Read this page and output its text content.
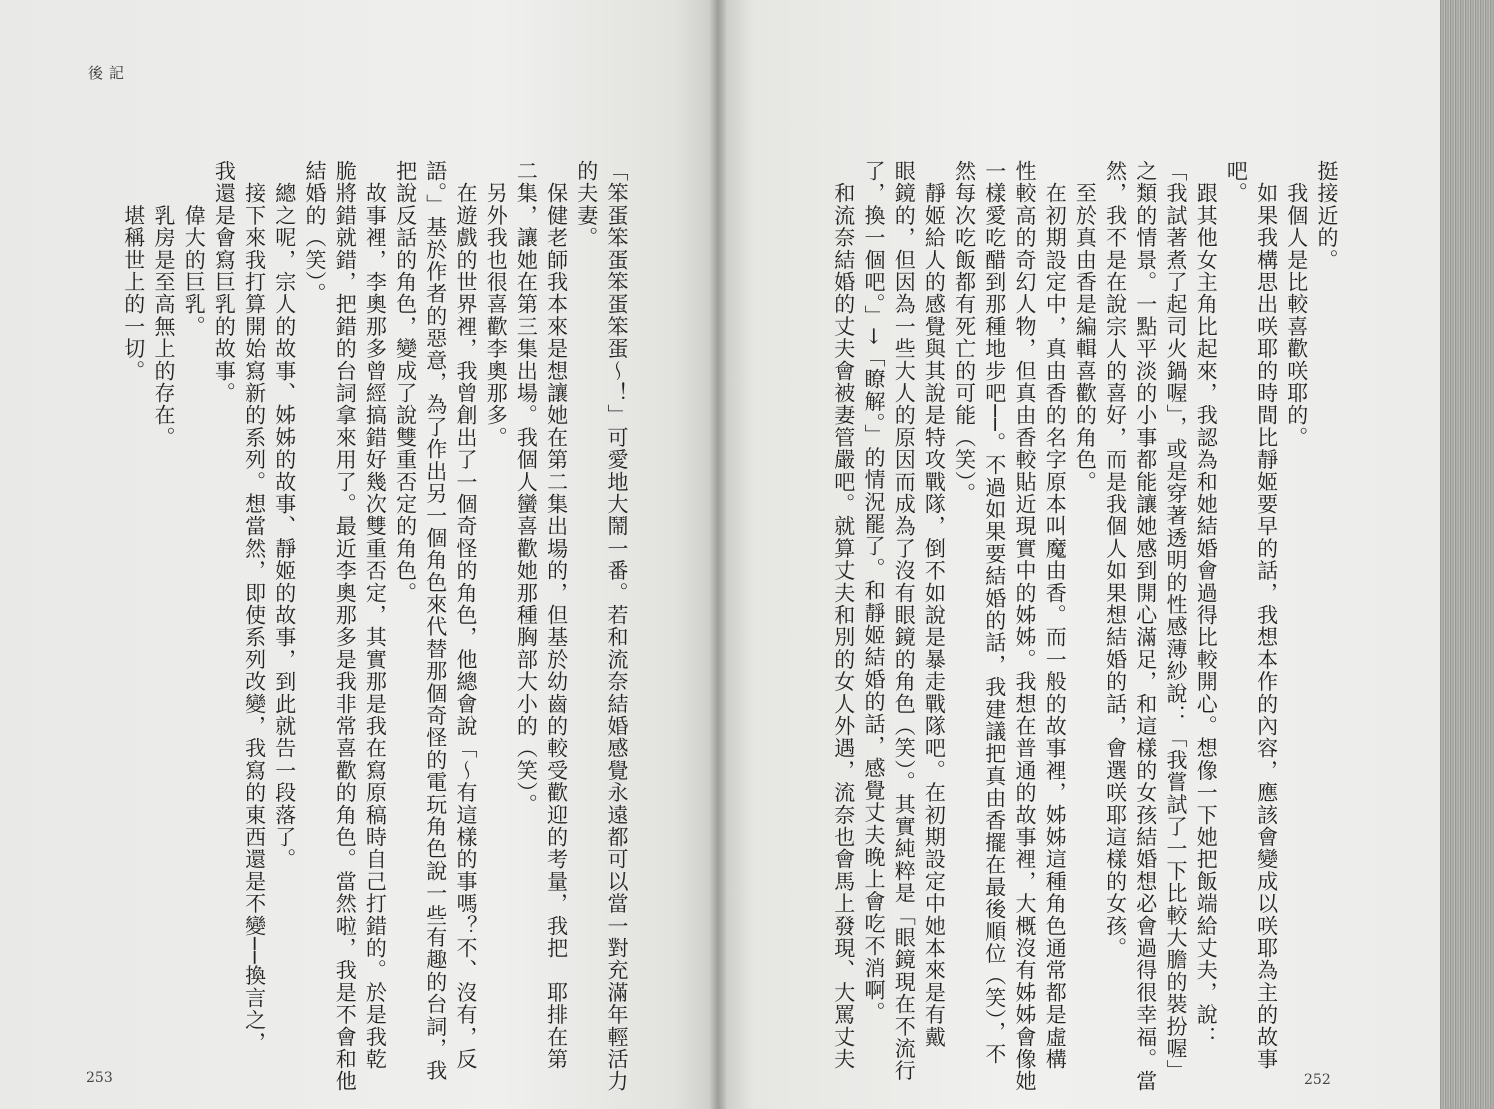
後記
「笨蛋笨蛋笨蛋笨蛋～！」可愛地大鬧一番。若和流奈結婚感覺永遠都可以當一對充滿年輕活力
的夫妻。
　保健老師我本來是想讓她在第二集出場的，但基於幼齒的較受歡迎的考量，我把　耶排在第
二集，讓她在第三集出場。我個人蠻喜歡她那種胸部大小的（笑）。
　另外我也很喜歡李奧那多。
　在遊戲的世界裡，我曾創出了一個奇怪的角色，他總會說「～有這樣的事嗎？不、沒有，反
語。」基於作者的惡意，為了作出另一個角色來代替那個奇怪的電玩角色說一些有趣的台詞，我
把說反話的角色，變成了說雙重否定的角色。
　故事裡，李奧那多曾經搞錯好幾次雙重否定，其實那是我在寫原稿時自己打錯的。於是我乾
脆將錯就錯，把錯的台詞拿來用了。最近李奧那多是我非常喜歡的角色。當然啦，我是不會和他
結婚的（笑）。
　總之呢，宗人的故事、姊姊的故事、靜姬的故事，到此就告一段落了。
　接下來我打算開始寫新的系列。想當然，即使系列改變，我寫的東西還是不變──換言之，
我還是會寫巨乳的故事。
　　偉大的巨乳。
　　乳房是至高無上的存在。
　　堪稱世上的一切。
253
挺接近的。
　我個人是比較喜歡咲耶的。
　如果我構思出咲耶的時間比靜姬要早的話，我想本作的內容，應該會變成以咲耶為主的故事
吧。
　跟其他女主角比起來，我認為和她結婚會過得比較開心。想像一下她把飯端給丈夫，說：
「我試著煮了起司火鍋喔」，或是穿著透明的性感薄紗說：「我嘗試了一下比較大膽的裝扮喔」
之類的情景。一點平淡的小事都能讓她感到開心滿足，和這樣的女孩結婚想必會過得很幸福。當
然，我不是在說宗人的喜好，而是我個人如果想結婚的話，會選咲耶這樣的女孩。
　至於真由香是編輯喜歡的角色。
　在初期設定中，真由香的名字原本叫魔由香。而一般的故事裡，姊姊這種角色通常都是虛構
性較高的奇幻人物，但真由香較貼近現實中的姊姊。我想在普通的故事裡，大概沒有姊姊會像她
一樣愛吃醋到那種地步吧──。不過如果要結婚的話，我建議把真由香擺在最後順位（笑），不
然每次吃飯都有死亡的可能（笑）。
　靜姬給人的感覺與其說是特攻戰隊，倒不如說是暴走戰隊吧。在初期設定中她本來是有戴
眼鏡的，但因為一些大人的原因而成為了沒有眼鏡的角色（笑）。其實純粹是「眼鏡現在不流行
了，換一個吧。」→「瞭解。」的情況罷了。和靜姬結婚的話，感覺丈夫晚上會吃不消啊。
　和流奈結婚的丈夫會被妻管嚴吧。就算丈夫和別的女人外遇，流奈也會馬上發現、大罵丈夫
252
